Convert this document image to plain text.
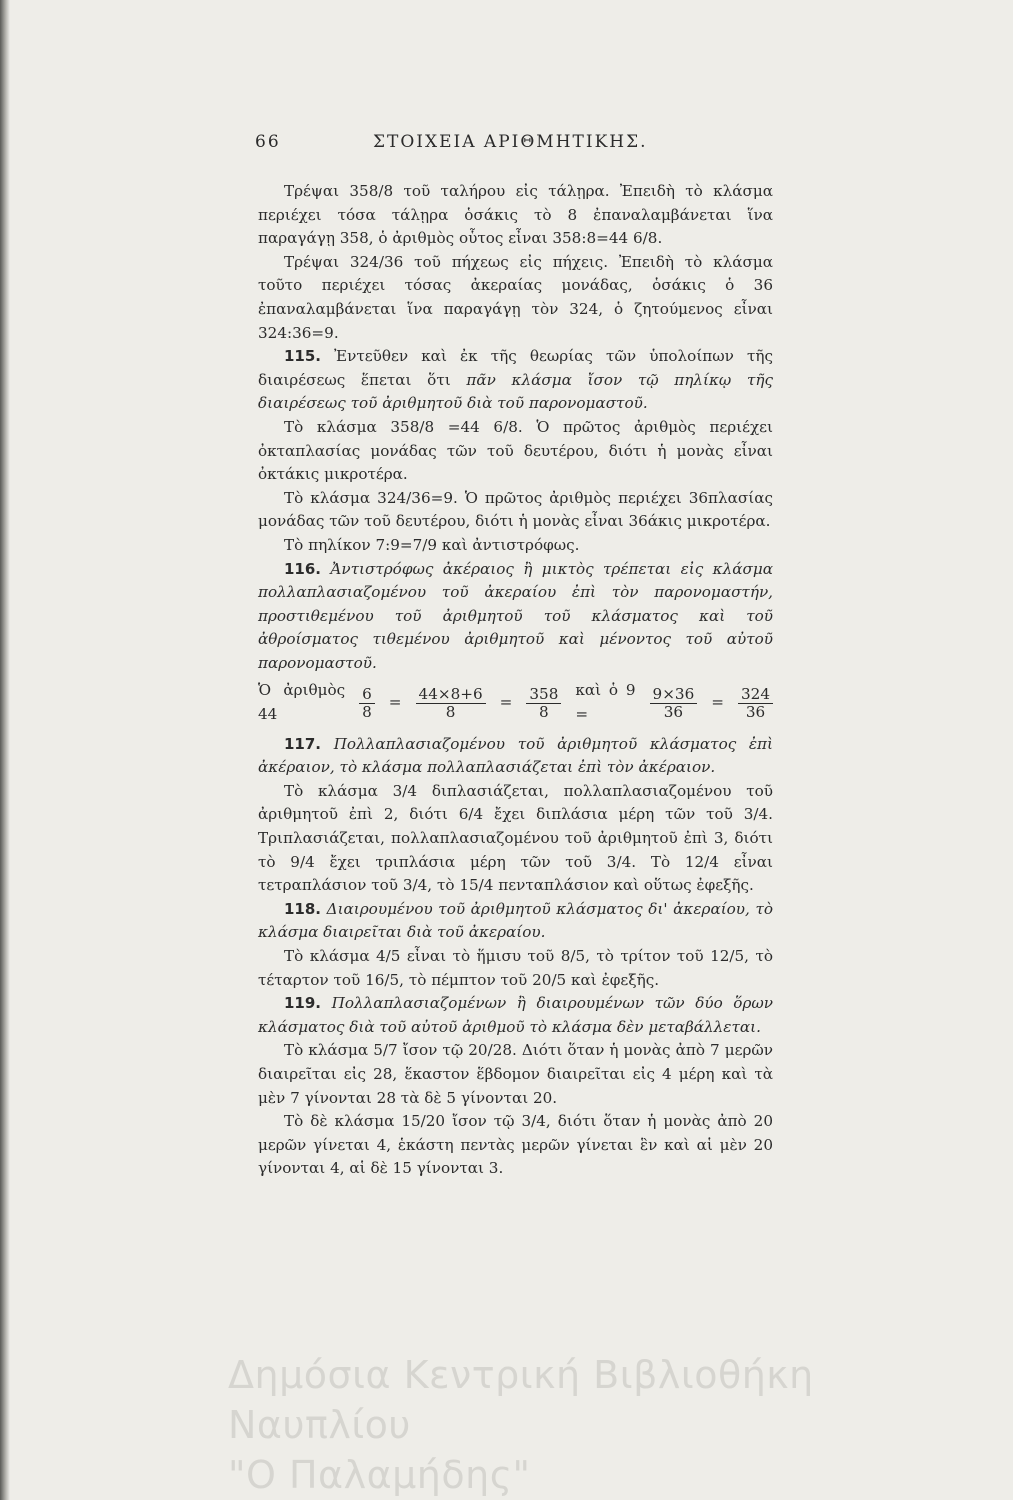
66	ΣΤΟΙΧΕΙΑ ΑΡΙΘΜΗΤΙΚΗΣ.

Τρέψαι 358/8 τοῦ ταλήρου εἰς τάλῃρα. Ἐπειδὴ τὸ κλάσμα περιέχει τόσα τάλῃρα ὁσάκις τὸ 8 ἐπαναλαμβάνεται ἵνα παραγάγῃ 358, ὁ ἀριθμὸς οὗτος εἶναι 358:8=44 6/8.

Τρέψαι 324/36 τοῦ πήχεως εἰς πήχεις. Ἐπειδὴ τὸ κλάσμα τοῦτο περιέχει τόσας ἀκεραίας μονάδας, ὁσάκις ὁ 36 ἐπαναλαμβάνεται ἵνα παραγάγῃ τὸν 324, ὁ ζητούμενος εἶναι 324:36=9.

115. Ἐντεῦθεν καὶ ἐκ τῆς θεωρίας τῶν ὑπολοίπων τῆς διαιρέσεως ἕπεται ὅτι πᾶν κλάσμα ἴσον τῷ πηλίκῳ τῆς διαιρέσεως τοῦ ἀριθμητοῦ διὰ τοῦ παρονομαστοῦ.

Τὸ κλάσμα 358/8 =44 6/8. Ὁ πρῶτος ἀριθμὸς περιέχει ὀκταπλασίας μονάδας τῶν τοῦ δευτέρου, διότι ἡ μονὰς εἶναι ὀκτάκις μικροτέρα.

Τὸ κλάσμα 324/36=9. Ὁ πρῶτος ἀριθμὸς περιέχει 36πλασίας μονάδας τῶν τοῦ δευτέρου, διότι ἡ μονὰς εἶναι 36άκις μικροτέρα.

Τὸ πηλίκον 7:9=7/9 καὶ ἀντιστρόφως.

116. Ἀντιστρόφως ἀκέραιος ἢ μικτὸς τρέπεται εἰς κλάσμα πολλαπλασιαζομένου τοῦ ἀκεραίου ἐπὶ τὸν παρονομαστήν, προστιθεμένου τοῦ ἀριθμητοῦ τοῦ κλάσματος καὶ τοῦ ἀθροίσματος τιθεμένου ἀριθμητοῦ καὶ μένοντος τοῦ αὐτοῦ παρονομαστοῦ.

Ὁ ἀριθμὸς 44	$\frac{6}{8} = \frac{44\times 8+6}{8} = \frac{358}{8}$ καὶ ὁ 9 =	$\frac{9\times 36}{36} = \frac{324}{36}$

117. Πολλαπλασιαζομένου τοῦ ἀριθμητοῦ κλάσματος ἐπὶ ἀκέραιον, τὸ κλάσμα πολλαπλασιάζεται ἐπὶ τὸν ἀκέραιον.

Τὸ κλάσμα 3/4 διπλασιάζεται, πολλαπλασιαζομένου τοῦ ἀριθμητοῦ ἐπὶ 2, διότι 6/4 ἔχει διπλάσια μέρη τῶν τοῦ 3/4. Τριπλασιάζεται, πολλαπλασιαζομένου τοῦ ἀριθμητοῦ ἐπὶ 3, διότι τὸ 9/4 ἔχει τριπλάσια μέρη τῶν τοῦ 3/4. Τὸ 12/4 εἶναι τετραπλάσιον τοῦ 3/4, τὸ 15/4 πενταπλάσιον καὶ οὕτως ἐφεξῆς.

118. Διαιρουμένου τοῦ ἀριθμητοῦ κλάσματος δι' ἀκεραίου, τὸ κλάσμα διαιρεῖται διὰ τοῦ ἀκεραίου.

Τὸ κλάσμα 4/5 εἶναι τὸ ἥμισυ τοῦ 8/5, τὸ τρίτον τοῦ 12/5, τὸ τέταρτον τοῦ 16/5, τὸ πέμπτον τοῦ 20/5 καὶ ἐφεξῆς.

119. Πολλαπλασιαζομένων ἢ διαιρουμένων τῶν δύο ὅρων κλάσματος διὰ τοῦ αὐτοῦ ἀριθμοῦ τὸ κλάσμα δὲν μεταβάλλεται.

Τὸ κλάσμα 5/7 ἴσον τῷ 20/28. Διότι ὅταν ἡ μονὰς ἀπὸ 7 μερῶν διαιρεῖται εἰς 28, ἕκαστον ἕβδομον διαιρεῖται εἰς 4 μέρη καὶ τὰ μὲν 7 γίνονται 28 τὰ δὲ 5 γίνονται 20.

Τὸ δὲ κλάσμα 15/20 ἴσον τῷ 3/4, διότι ὅταν ἡ μονὰς ἀπὸ 20 μερῶν γίνεται 4, ἑκάστη πεντὰς μερῶν γίνεται ἓν καὶ αἱ μὲν 20 γίνονται 4, αἱ δὲ 15 γίνονται 3.

Δημόσια Κεντρική Βιβλιοθήκη Ναυπλίου
"Ο Παλαμήδης"
